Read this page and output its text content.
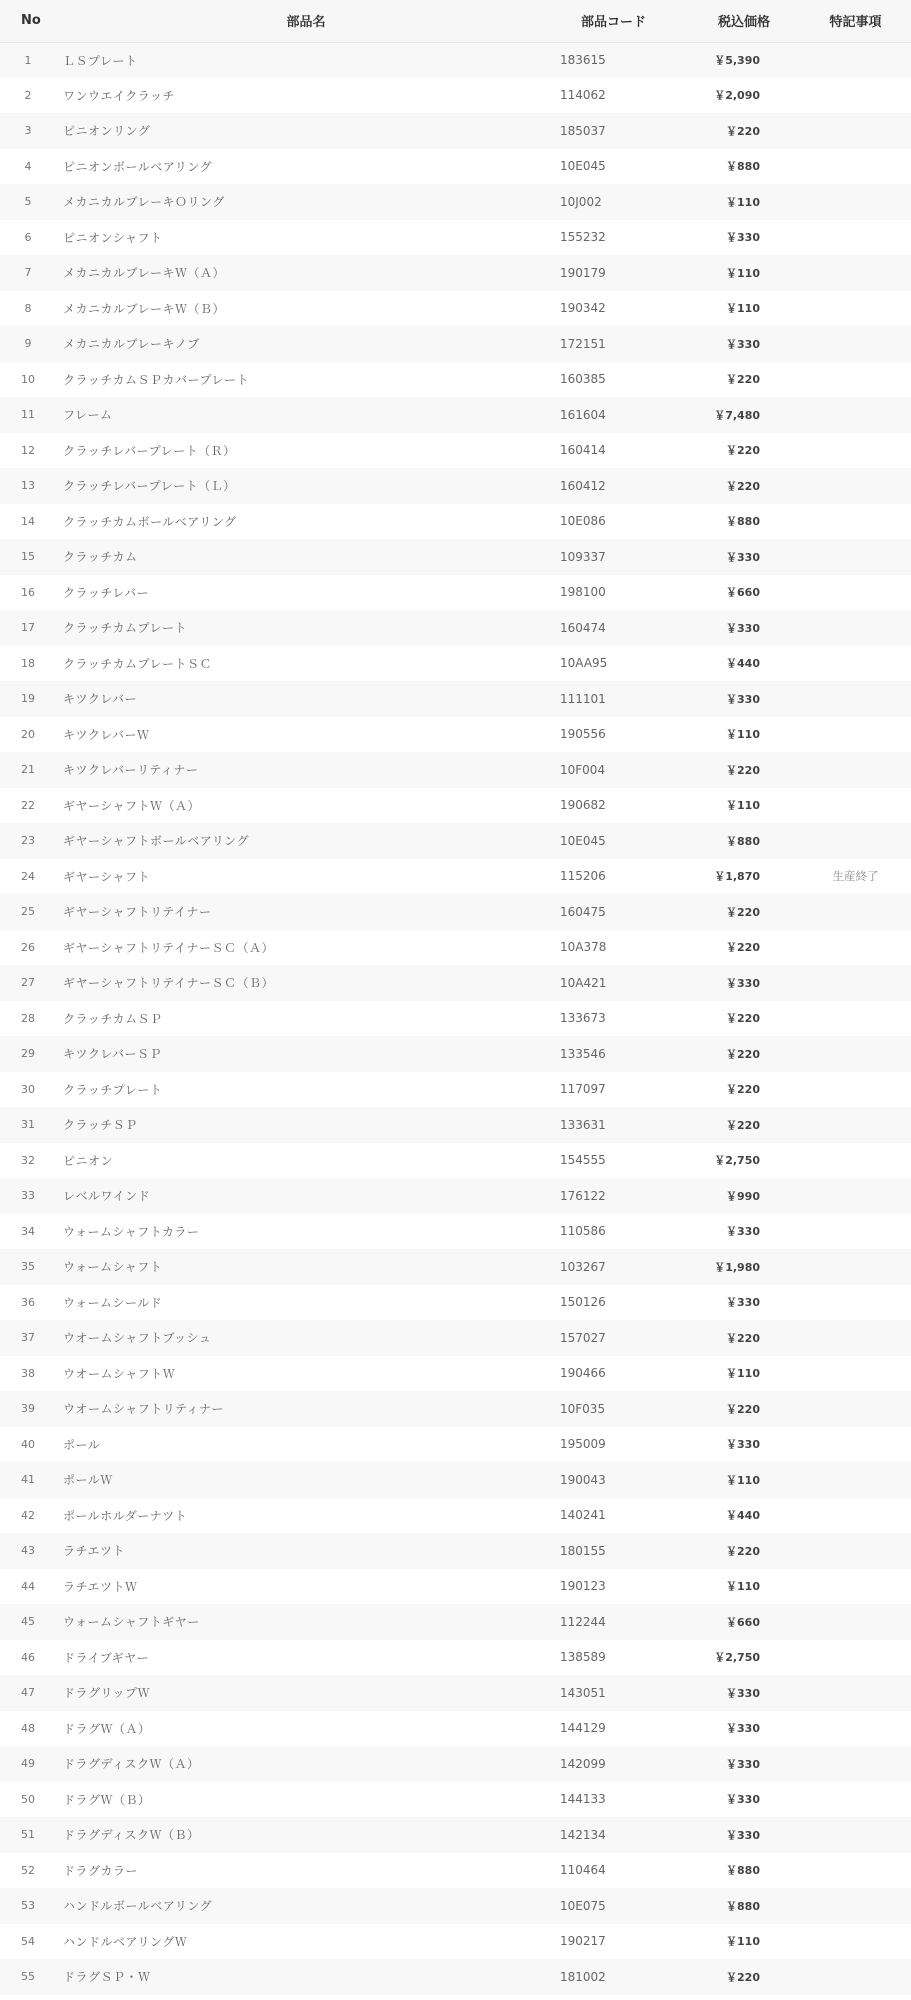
No	部品名	部品コード	税込価格	特記事項
1	ＬＳプレート	183615	￥5,390	
2	ワンウエイクラッチ	114062	￥2,090	
3	ピニオンリング	185037	￥220	
4	ピニオンボールベアリング	10E045	￥880	
5	メカニカルブレーキＯリング	10J002	￥110	
6	ピニオンシャフト	155232	￥330	
7	メカニカルブレーキＷ（Ａ）	190179	￥110	
8	メカニカルブレーキＷ（Ｂ）	190342	￥110	
9	メカニカルブレーキノブ	172151	￥330	
10	クラッチカムＳＰカバープレート	160385	￥220	
11	フレーム	161604	￥7,480	
12	クラッチレバープレート（Ｒ）	160414	￥220	
13	クラッチレバープレート（Ｌ）	160412	￥220	
14	クラッチカムボールベアリング	10E086	￥880	
15	クラッチカム	109337	￥330	
16	クラッチレバー	198100	￥660	
17	クラッチカムプレート	160474	￥330	
18	クラッチカムプレートＳＣ	10AA95	￥440	
19	キツクレバー	111101	￥330	
20	キツクレバーＷ	190556	￥110	
21	キツクレバーリティナー	10F004	￥220	
22	ギヤーシャフトＷ（Ａ）	190682	￥110	
23	ギヤーシャフトボールベアリング	10E045	￥880	
24	ギヤーシャフト	115206	￥1,870	生産終了
25	ギヤーシャフトリテイナー	160475	￥220	
26	ギヤーシャフトリテイナーＳＣ（Ａ）	10A378	￥220	
27	ギヤーシャフトリテイナーＳＣ（Ｂ）	10A421	￥330	
28	クラッチカムＳＰ	133673	￥220	
29	キツクレバーＳＰ	133546	￥220	
30	クラッチプレート	117097	￥220	
31	クラッチＳＰ	133631	￥220	
32	ピニオン	154555	￥2,750	
33	レベルワインド	176122	￥990	
34	ウォームシャフトカラー	110586	￥330	
35	ウォームシャフト	103267	￥1,980	
36	ウォームシールド	150126	￥330	
37	ウオームシャフトブッシュ	157027	￥220	
38	ウオームシャフトＷ	190466	￥110	
39	ウオームシャフトリティナー	10F035	￥220	
40	ポール	195009	￥330	
41	ポールＷ	190043	￥110	
42	ポールホルダーナツト	140241	￥440	
43	ラチエツト	180155	￥220	
44	ラチエツトＷ	190123	￥110	
45	ウォームシャフトギヤー	112244	￥660	
46	ドライブギヤー	138589	￥2,750	
47	ドラグリップＷ	143051	￥330	
48	ドラグＷ（Ａ）	144129	￥330	
49	ドラグディスクＷ（Ａ）	142099	￥330	
50	ドラグＷ（Ｂ）	144133	￥330	
51	ドラグディスクＷ（Ｂ）	142134	￥330	
52	ドラグカラー	110464	￥880	
53	ハンドルボールベアリング	10E075	￥880	
54	ハンドルベアリングＷ	190217	￥110	
55	ドラグＳＰ・Ｗ	181002	￥220	
